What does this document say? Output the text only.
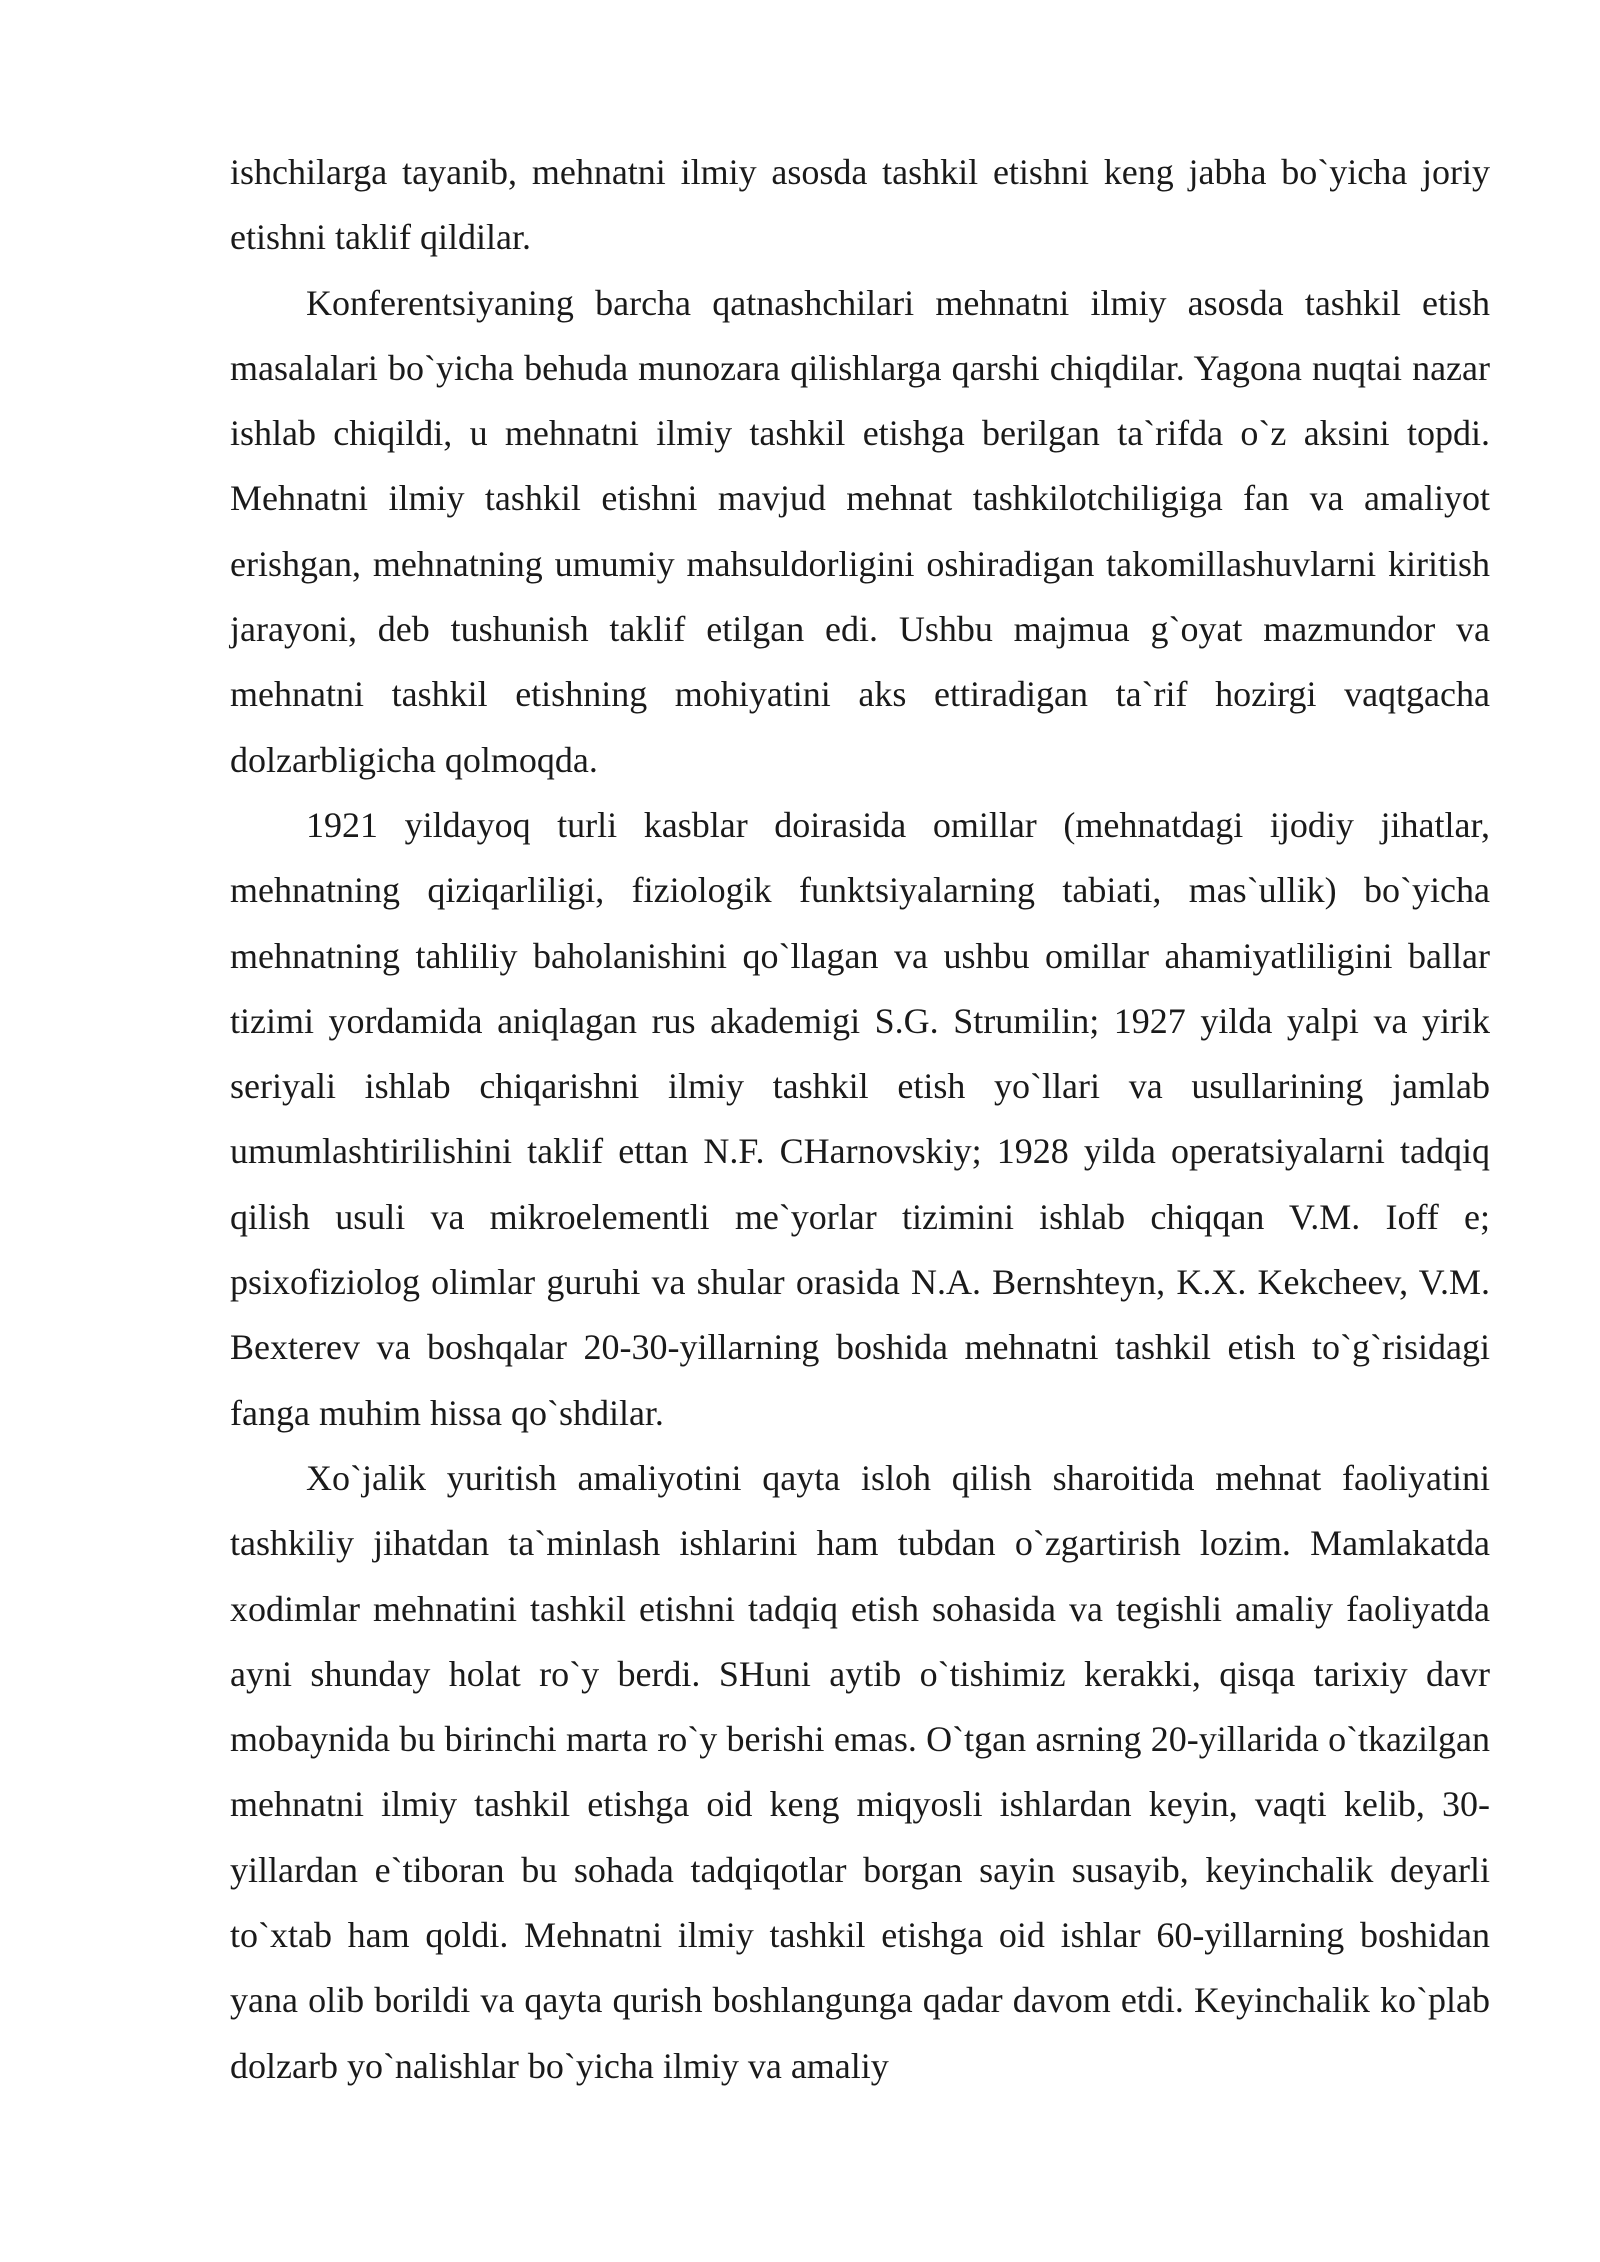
ishchilarga tayanib, mehnatni ilmiy asosda tashkil etishni keng jabha bo`yicha joriy etishni taklif qildilar.

Konferentsiyaning barcha qatnashchilari mehnatni ilmiy asosda tashkil etish masalalari bo`yicha behuda munozara qilishlarga qarshi chiqdilar. Yagona nuqtai nazar ishlab chiqildi, u mehnatni ilmiy tashkil etishga berilgan ta`rifda o`z aksini topdi. Mehnatni ilmiy tashkil etishni mavjud mehnat tashkilotchiligiga fan va amaliyot erishgan, mehnatning umumiy mahsuldorligini oshiradigan takomillashuvlarni kiritish jarayoni, deb tushunish taklif etilgan edi. Ushbu majmua g`oyat mazmundor va mehnatni tashkil etishning mohiyatini aks ettiradigan ta`rif hozirgi vaqtgacha dolzarbligicha qolmoqda.

1921 yildayoq turli kasblar doirasida omillar (mehnatdagi ijodiy jihatlar, mehnatning qiziqarliligi, fiziologik funktsiyalarning tabiati, mas`ullik) bo`yicha mehnatning tahliliy baholanishini qo`llagan va ushbu omillar ahamiyatliligini ballar tizimi yordamida aniqlagan rus akademigi S.G. Strumilin; 1927 yilda yalpi va yirik seriyali ishlab chiqarishni ilmiy tashkil etish yo`llari va usullarining jamlab umumlashtirilishini taklif ettan N.F. CHarnovskiy; 1928 yilda operatsiyalarni tadqiq qilish usuli va mikroelementli me`yorlar tizimini ishlab chiqqan V.M. Ioff e; psixofiziolog olimlar guruhi va shular orasida N.A. Bernshteyn, K.X. Kekcheev, V.M. Bexterev va boshqalar 20-30-yillarning boshida mehnatni tashkil etish to`g`risidagi fanga muhim hissa qo`shdilar.

Xo`jalik yuritish amaliyotini qayta isloh qilish sharoitida mehnat faoliyatini tashkiliy jihatdan ta`minlash ishlarini ham tubdan o`zgartirish lozim. Mamlakatda xodimlar mehnatini tashkil etishni tadqiq etish sohasida va tegishli amaliy faoliyatda ayni shunday holat ro`y berdi. SHuni aytib o`tishimiz kerakki, qisqa tarixiy davr mobaynida bu birinchi marta ro`y berishi emas. O`tgan asrning 20-yillarida o`tkazilgan mehnatni ilmiy tashkil etishga oid keng miqyosli ishlardan keyin, vaqti kelib, 30-yillardan e`tiboran bu sohada tadqiqotlar borgan sayin susayib, keyinchalik deyarli to`xtab ham qoldi. Mehnatni ilmiy tashkil etishga oid ishlar 60-yillarning boshidan yana olib borildi va qayta qurish boshlangunga qadar davom etdi. Keyinchalik ko`plab dolzarb yo`nalishlar bo`yicha ilmiy va amaliy
